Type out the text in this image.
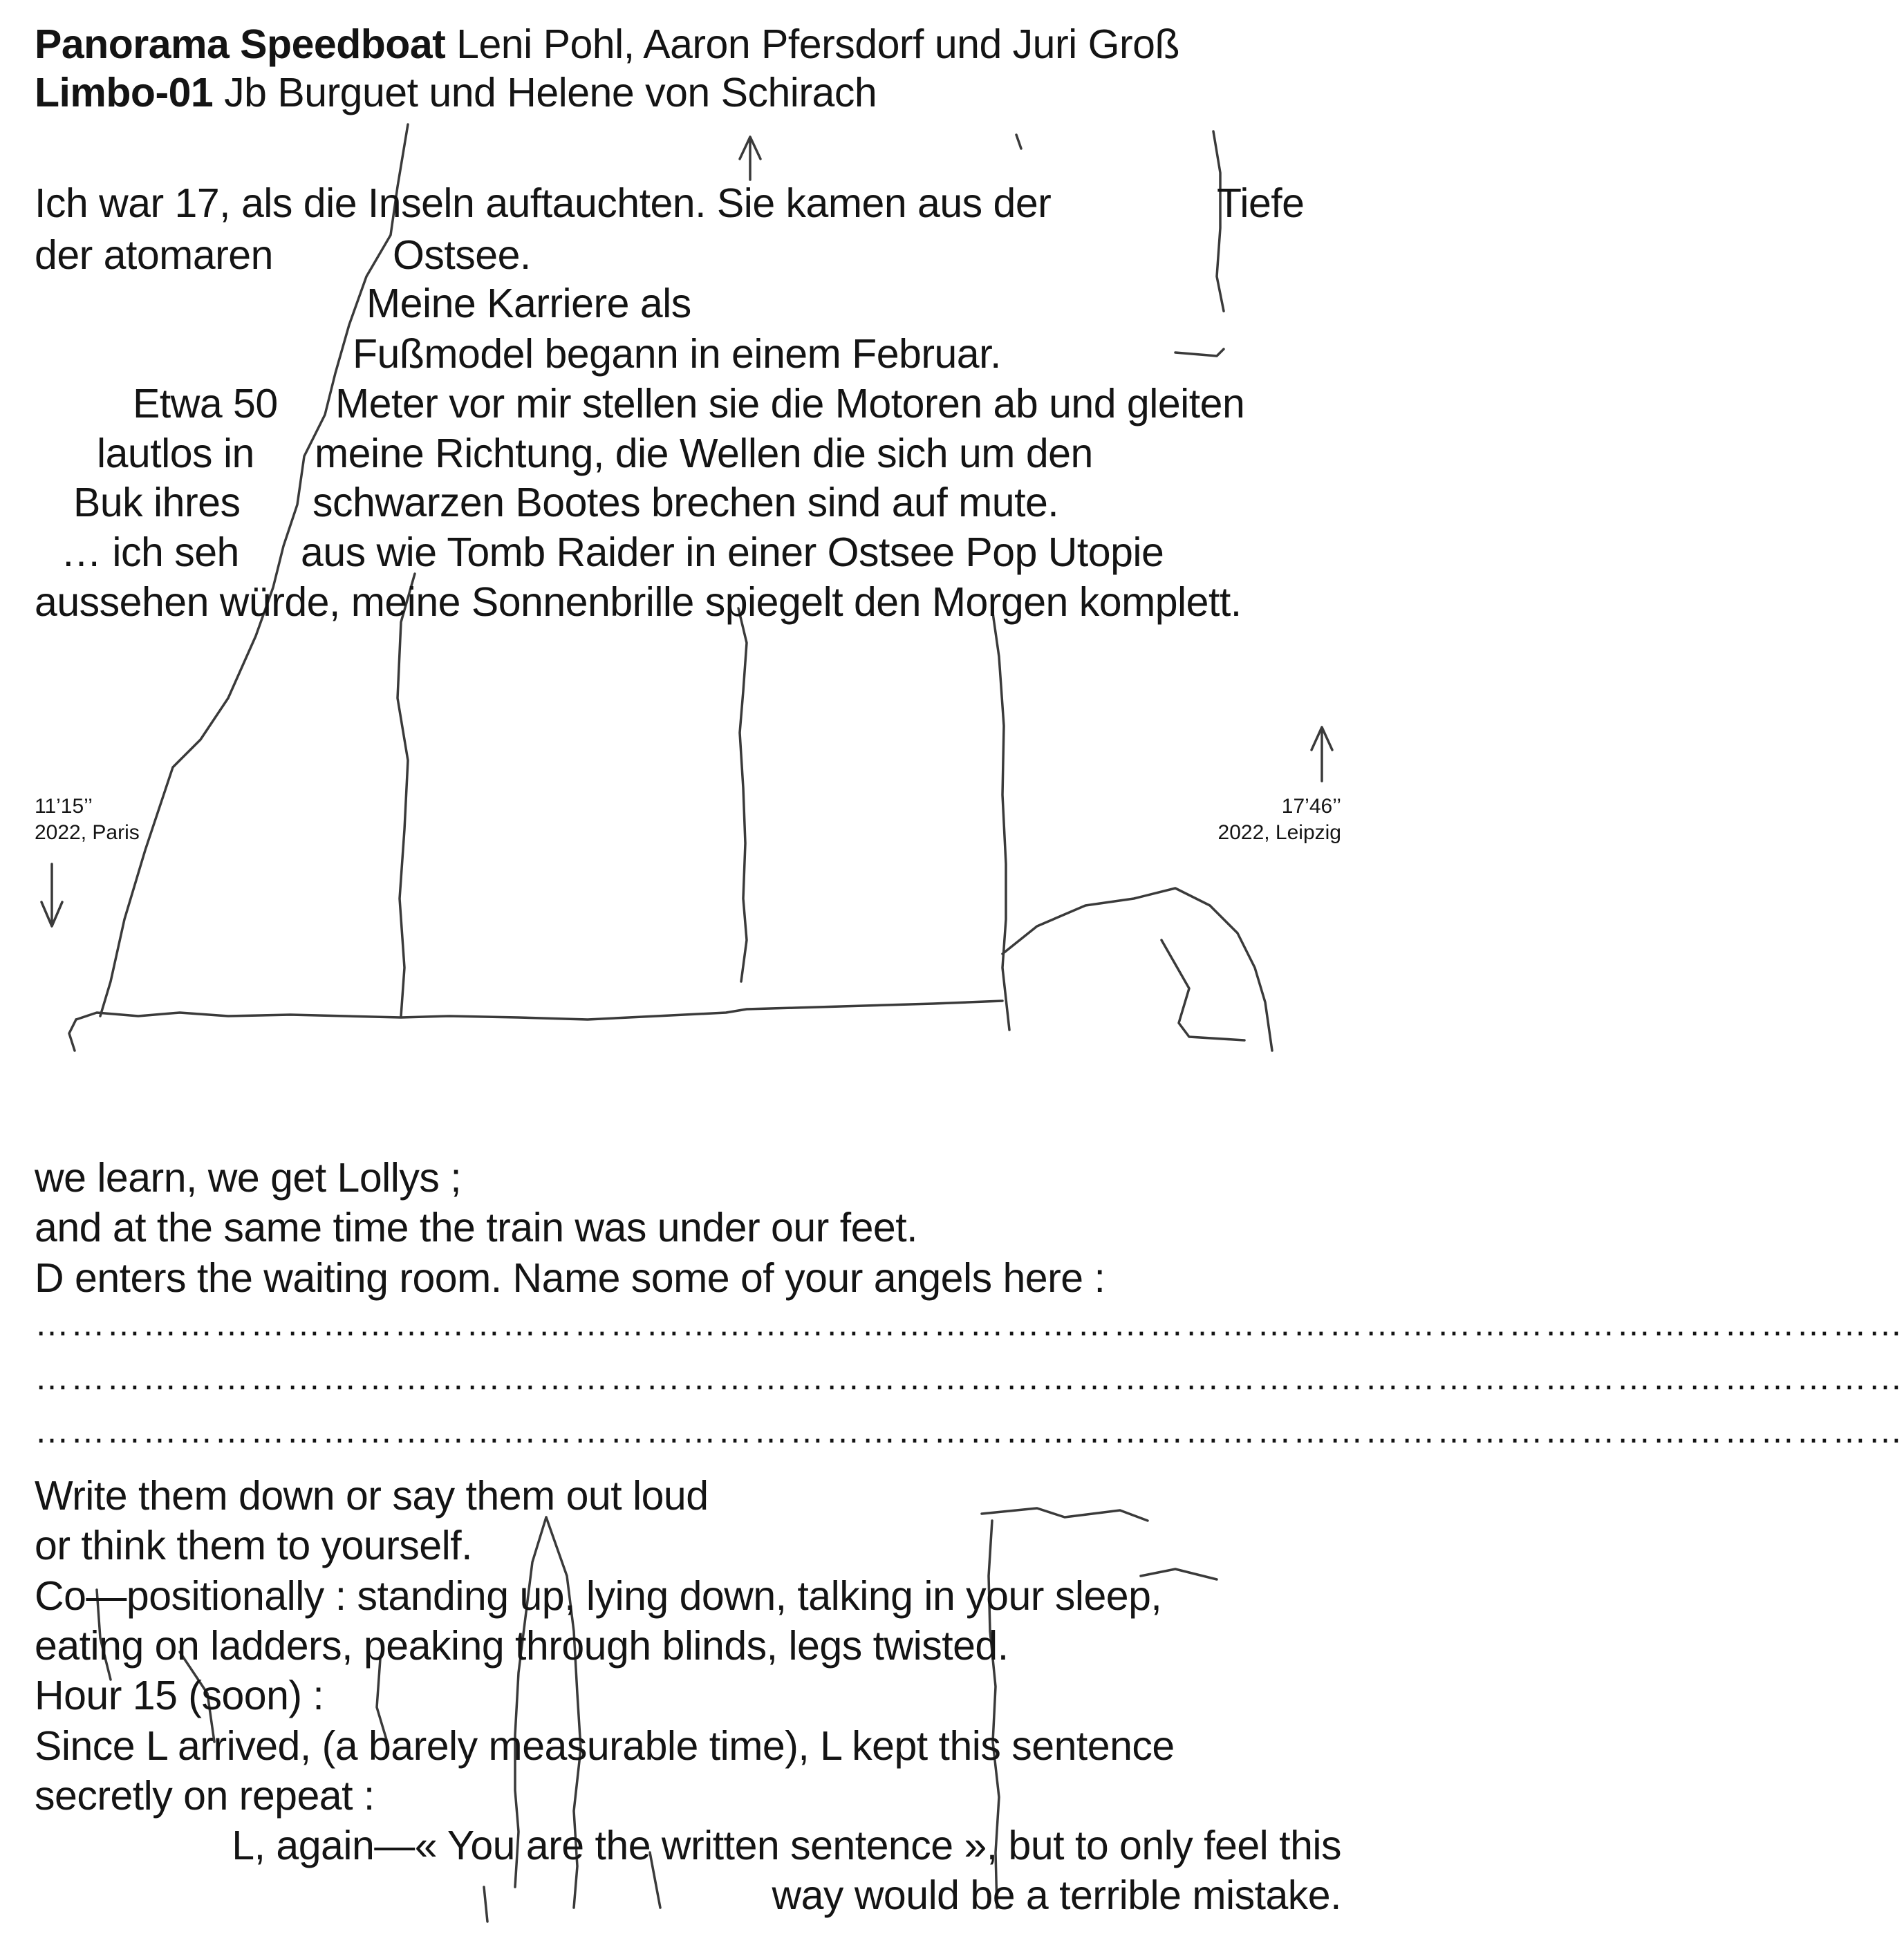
Panorama Speedboat Leni Pohl, Aaron Pfersdorf und Juri Groß
Limbo-01 Jb Burguet und Helene von Schirach
Ich war 17, als die Inseln auftauchten. Sie kamen aus der	Tiefe
der atomaren	Ostsee.
Meine Karriere als
Fußmodel begann in einem Februar.
Etwa 50 Meter vor mir stellen sie die Motoren ab und gleiten
lautlos in meine Richtung, die Wellen die sich um den
Buk ihres schwarzen Bootes brechen sind auf mute.
… ich seh aus wie Tomb Raider in einer Ostsee Pop Utopie
aussehen würde, meine Sonnenbrille spiegelt den Morgen komplett.
11’15’’
2022, Paris
17’46’’
2022, Leipzig
we learn, we get Lollys ;
and at the same time the train was under our feet.
D enters the waiting room. Name some of your angels here :
…………………………………………………………………………………………………………………………………………
…………………………………………………………………………………………………………………………………………
…………………………………………………………………………………………………………………………………………
Write them down or say them out loud
or think them to yourself.
Co—positionally : standing up, lying down, talking in your sleep,
eating on ladders, peaking through blinds, legs twisted.
Hour 15 (soon) :
Since L arrived, (a barely measurable time), L kept this sentence
secretly on repeat :
L, again—« You are the written sentence », but to only feel this
way would be a terrible mistake.
